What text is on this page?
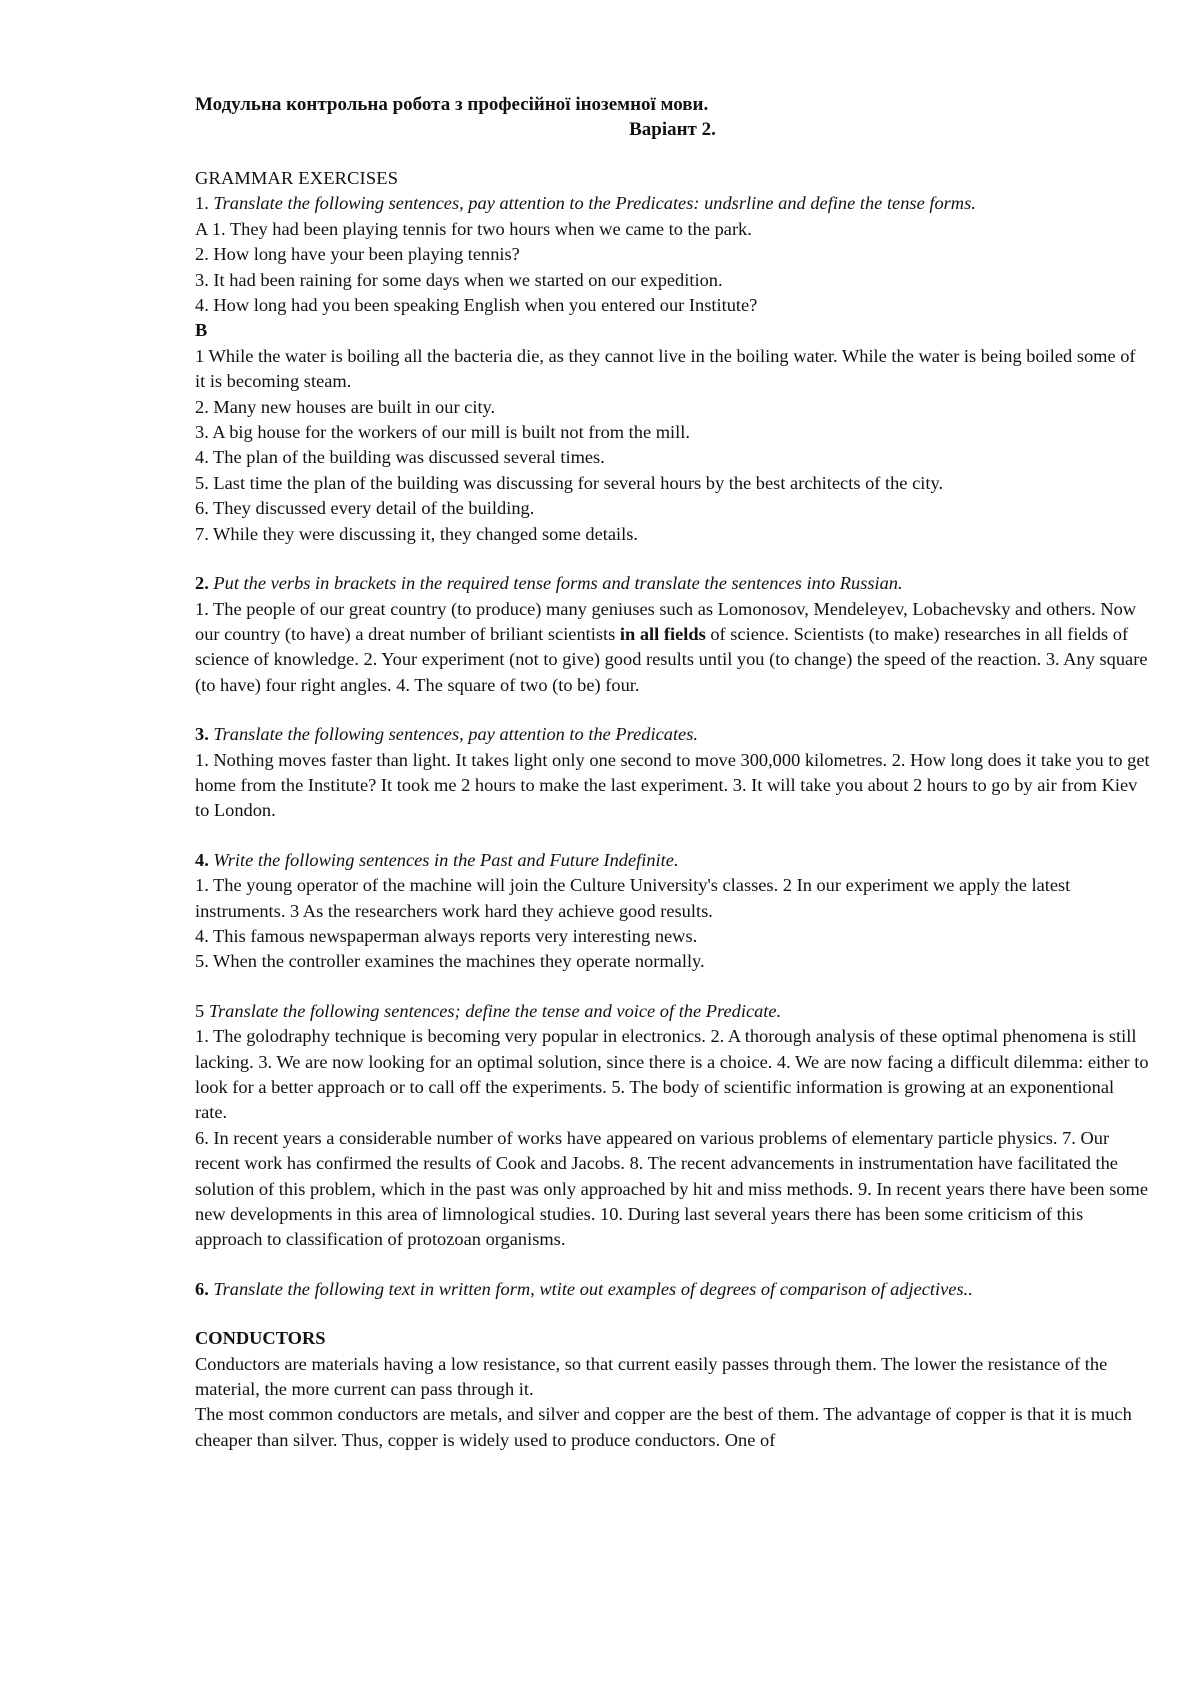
Модульна контрольна робота з професійної іноземної мови.

Варіант 2.

GRAMMAR EXERCISES
1. Translate the following sentences, pay attention to the Predicates: undsrline and define the tense forms.
A 1. They had been playing tennis for two hours when we came to the park.
2. How long have your been playing tennis?
3. It had been raining for some days when we started on our expedition.
4. How long had you been speaking English when you entered our Institute?
B
1 While the water is boiling all the bacteria die, as they cannot live in the boiling water. While the water is being boiled some of it is becoming steam.
2. Many new houses are built in our city.
3. A big house for the workers of our mill is built not from the mill.
4. The plan of the building was discussed several times.
5. Last time the plan of the building was discussing for several hours by the best architects of the city.
6. They discussed every detail of the building.
7. While they were discussing it, they changed some details.
2. Put the verbs in brackets in the required tense forms and translate the sentences into Russian.
1. The people of our great country (to produce) many geniuses such as Lomonosov, Mendeleyev, Lobachevsky and others. Now our country (to have) a dreat number of briliant scientists in all fields of science. Scientists (to make) researches in all fields of science of knowledge. 2. Your experiment (not to give) good results until you (to change) the speed of the reaction. 3. Any square (to have) four right angles. 4. The square of two (to be) four.
3. Translate the following sentences, pay attention to the Predicates.
1. Nothing moves faster than light. It takes light only one second to move 300,000 kilometres. 2. How long does it take you to get home from the Institute? It took me 2 hours to make the last experiment. 3. It will take you about 2 hours to go by air from Kiev to London.
4. Write the following sentences in the Past and Future Indefinite.
1. The young operator of the machine will join the Culture University's classes. 2 In our experiment we apply the latest instruments. 3 As the researchers work hard they achieve good results.
4. This famous newspaperman always reports very interesting news.
5. When the controller examines the machines they operate normally.
5 Translate the following sentences; define the tense and voice of the Predicate.
1. The golodraphy technique is becoming very popular in electronics. 2. A thorough analysis of these optimal phenomena is still lacking. 3. We are now looking for an optimal solution, since there is a choice. 4. We are now facing a difficult dilemma: either to look for a better approach or to call off the experiments. 5. The body of scientific information is growing at an exponentional rate.
6. In recent years a considerable number of works have appeared on various problems of elementary particle physics. 7. Our recent work has confirmed the results of Cook and Jacobs. 8. The recent advancements in instrumentation have facilitated the solution of this problem, which in the past was only approached by hit and miss methods. 9. In recent years there have been some new developments in this area of limnological studies. 10. During last several years there has been some criticism of this approach to classification of protozoan organisms.
6. Translate the following text in written form, wtite out examples of degrees of comparison of adjectives..
CONDUCTORS
Conductors are materials having a low resistance, so that current easily passes through them. The lower the resistance of the material, the more current can pass through it.
The most common conductors are metals, and silver and copper are the best of them. The advantage of copper is that it is much cheaper than silver. Thus, copper is widely used to produce conductors. One of
